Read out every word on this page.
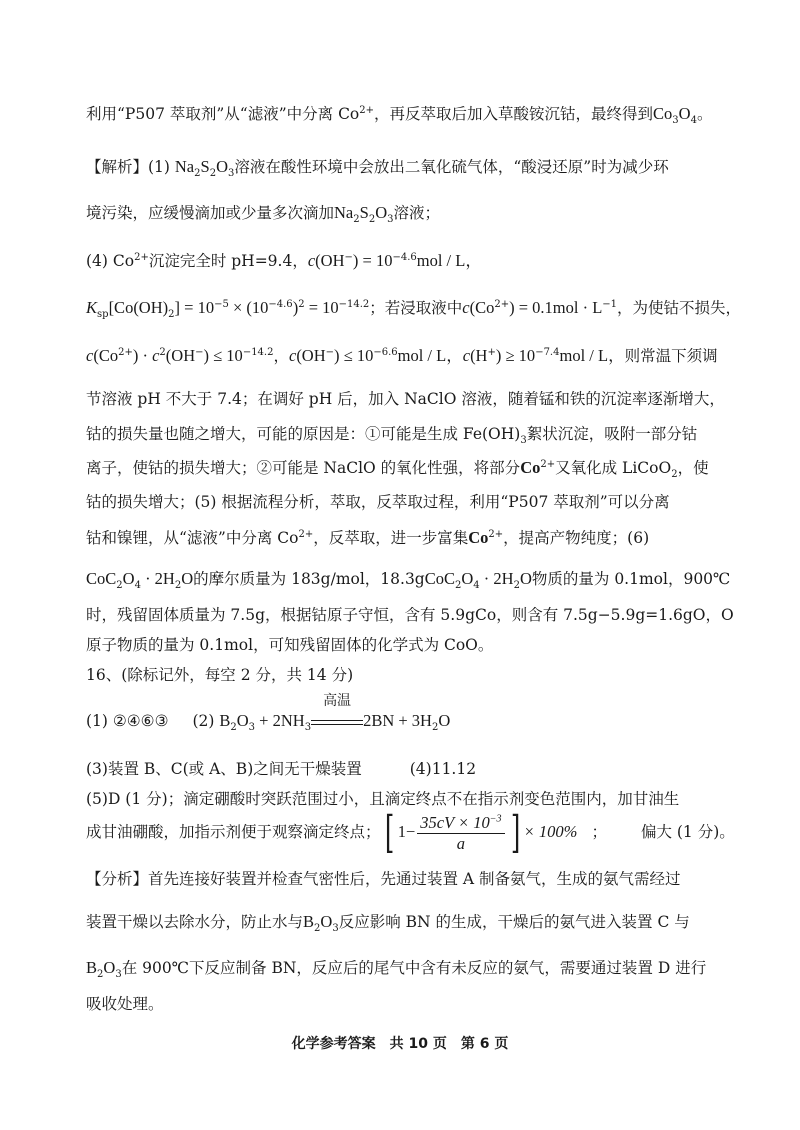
利用“P507 萃取剂”从“滤液”中分离 $Co^{2+}$，再反萃取后加入草酸铵沉钴，最终得到$Co_3O_4$。
【解析】(1) $Na_2S_2O_3$溶液在酸性环境中会放出二氧化硫气体，“酸浸还原”时为减少环
境污染，应缓慢滴加或少量多次滴加$Na_2S_2O_3$溶液；
(4) $Co^{2+}$沉淀完全时 pH=9.4，$c(OH^-) = 10^{-4.6}mol / L$，
$K_{sp}[Co(OH)_2] = 10^{-5} \times (10^{-4.6})^2 = 10^{-14.2}$；若浸取液中$c(Co^{2+}) = 0.1mol \cdot L^{-1}$，为使钴不损失，
$c(Co^{2+}) \cdot c^2(OH^-) \le 10^{-14.2}$，$c(OH^-) \le 10^{-6.6}mol / L$，$c(H^+) \ge 10^{-7.4}mol / L$，则常温下须调
节溶液 pH 不大于 7.4；在调好 pH 后，加入 NaClO 溶液，随着锰和铁的沉淀率逐渐增大，
钴的损失量也随之增大，可能的原因是：①可能是生成 $Fe(OH)_3$絮状沉淀，吸附一部分钴
离子，使钴的损失增大；②可能是 NaClO 的氧化性强，将部分$Co^{2+}$又氧化成 LiCoO$_2$，使
钴的损失增大；(5) 根据流程分析，萃取，反萃取过程，利用“P507 萃取剂”可以分离
钴和镍锂，从“滤液”中分离 $Co^{2+}$，反萃取，进一步富集$Co^{2+}$，提高产物纯度；(6)
$CoC_2O_4 \cdot 2H_2O$的摩尔质量为 183g/mol，$18.3gCoC_2O_4 \cdot 2H_2O$物质的量为 0.1mol，900℃
时，残留固体质量为 7.5g，根据钴原子守恒，含有 5.9gCo，则含有 7.5g−5.9g=1.6gO，O
原子物质的量为 0.1mol，可知残留固体的化学式为 CoO。
16、(除标记外，每空 2 分，共 14 分)
(1) ②④⑥③ (2) $B_2O_3 + 2NH_3$
高温
$2BN + 3H_2O$
(3)装置 B、C(或 A、B)之间无干燥装置	(4)11.12
(5)D (1 分)；滴定硼酸时突跃范围过小，且滴定终点不在指示剂变色范围内，加甘油生
成甘油硼酸，加指示剂便于观察滴定终点；[ $1- \frac{35cV \times 10^{-3}}{a}$ ] × 100% ； 偏大 (1 分)。
【分析】首先连接好装置并检查气密性后，先通过装置 A 制备氨气，生成的氨气需经过
装置干燥以去除水分，防止水与$B_2O_3$反应影响 BN 的生成，干燥后的氨气进入装置 C 与
$B_2O_3$在 900℃下反应制备 BN，反应后的尾气中含有未反应的氨气，需要通过装置 D 进行
吸收处理。
化学参考答案　共 10 页　第 6 页
